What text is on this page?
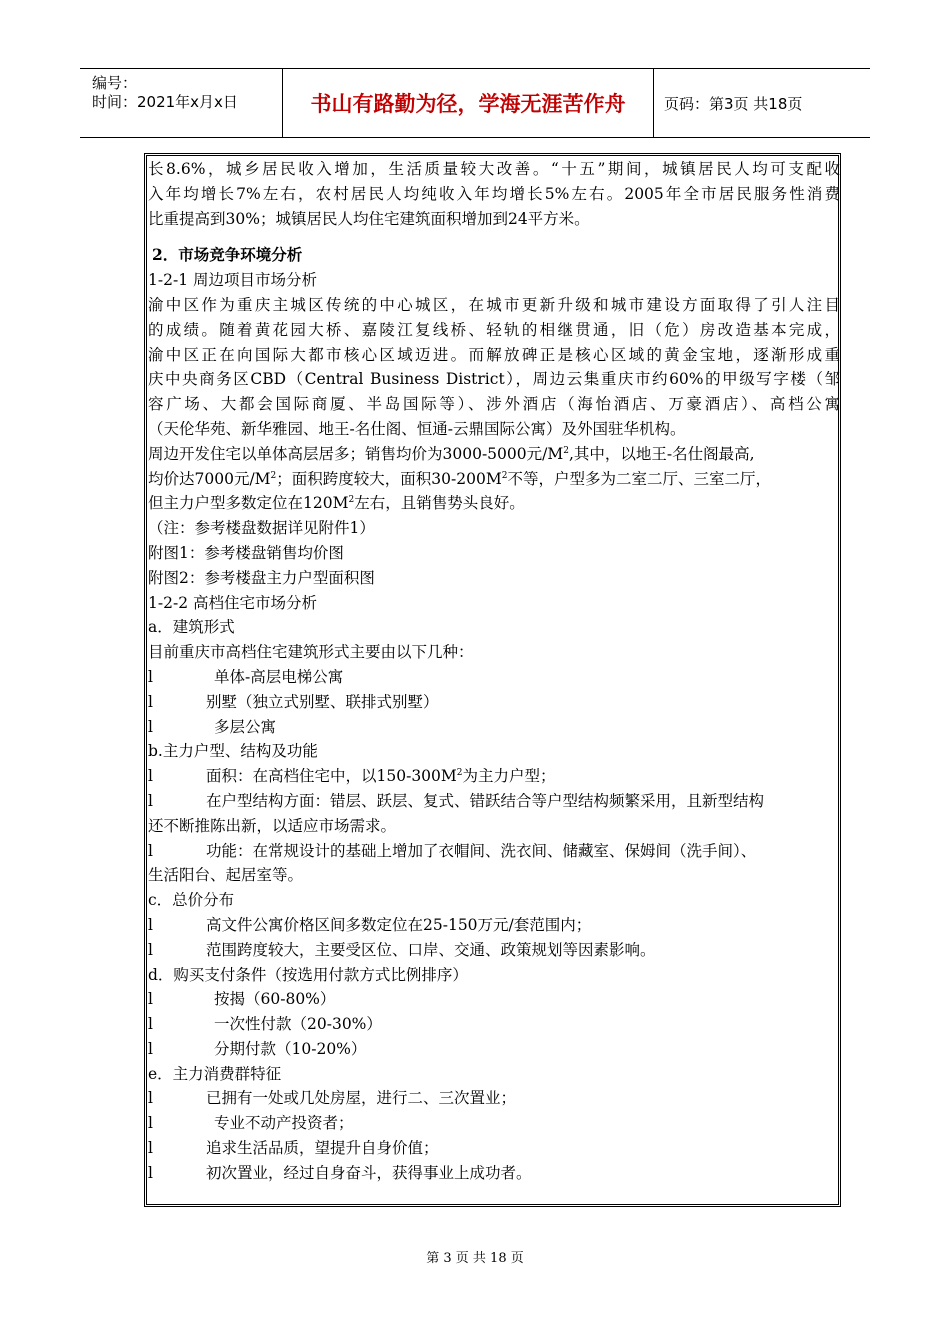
编号：
时间：2021年x月x日	书山有路勤为径，学海无涯苦作舟	页码：第3页 共18页
长8.6%，城乡居民收入增加，生活质量较大改善。“十五”期间，城镇居民人均可支配收
入年均增长7%左右，农村居民人均纯收入年均增长5%左右。2005年全市居民服务性消费
比重提高到30%；城镇居民人均住宅建筑面积增加到24平方米。
2．市场竞争环境分析
1-2-1 周边项目市场分析
渝中区作为重庆主城区传统的中心城区，在城市更新升级和城市建设方面取得了引人注目
的成绩。随着黄花园大桥、嘉陵江复线桥、轻轨的相继贯通，旧（危）房改造基本完成，
渝中区正在向国际大都市核心区域迈进。而解放碑正是核心区域的黄金宝地，逐渐形成重
庆中央商务区CBD（Central Business District），周边云集重庆市约60%的甲级写字楼（邹
容广场、大都会国际商厦、半岛国际等）、涉外酒店（海怡酒店、万豪酒店）、高档公寓
（天伦华苑、新华雅园、地王-名仕阁、恒通-云鼎国际公寓）及外国驻华机构。
周边开发住宅以单体高层居多；销售均价为3000-5000元$/M^2$,其中，以地王-名仕阁最高,
均价达7000元$/M^2$；面积跨度较大，面积$30-200M^2$不等，户型多为二室二厅、三室二厅，
但主力户型多数定位在$120M^2$左右，且销售势头良好。
（注：参考楼盘数据详见附件1）
附图1：参考楼盘销售均价图
附图2：参考楼盘主力户型面积图
1-2-2 高档住宅市场分析
a．建筑形式
目前重庆市高档住宅建筑形式主要由以下几种：
l	单体-高层电梯公寓
l	别墅（独立式别墅、联排式别墅）
l	多层公寓
b.主力户型、结构及功能
l	面积：在高档住宅中，以$150-300M^2$为主力户型；
l	在户型结构方面：错层、跃层、复式、错跃结合等户型结构频繁采用，且新型结构
还不断推陈出新，以适应市场需求。
l	功能：在常规设计的基础上增加了衣帽间、洗衣间、储藏室、保姆间（洗手间）、
生活阳台、起居室等。
c．总价分布
l	高文件公寓价格区间多数定位在25-150万元/套范围内；
l	范围跨度较大，主要受区位、口岸、交通、政策规划等因素影响。
d．购买支付条件（按选用付款方式比例排序）
l	按揭（60-80%）
l	一次性付款（20-30%）
l	分期付款（10-20%）
e．主力消费群特征
l	已拥有一处或几处房屋，进行二、三次置业；
l	专业不动产投资者；
l	追求生活品质，望提升自身价值；
l	初次置业，经过自身奋斗，获得事业上成功者。
第 3 页 共 18 页
